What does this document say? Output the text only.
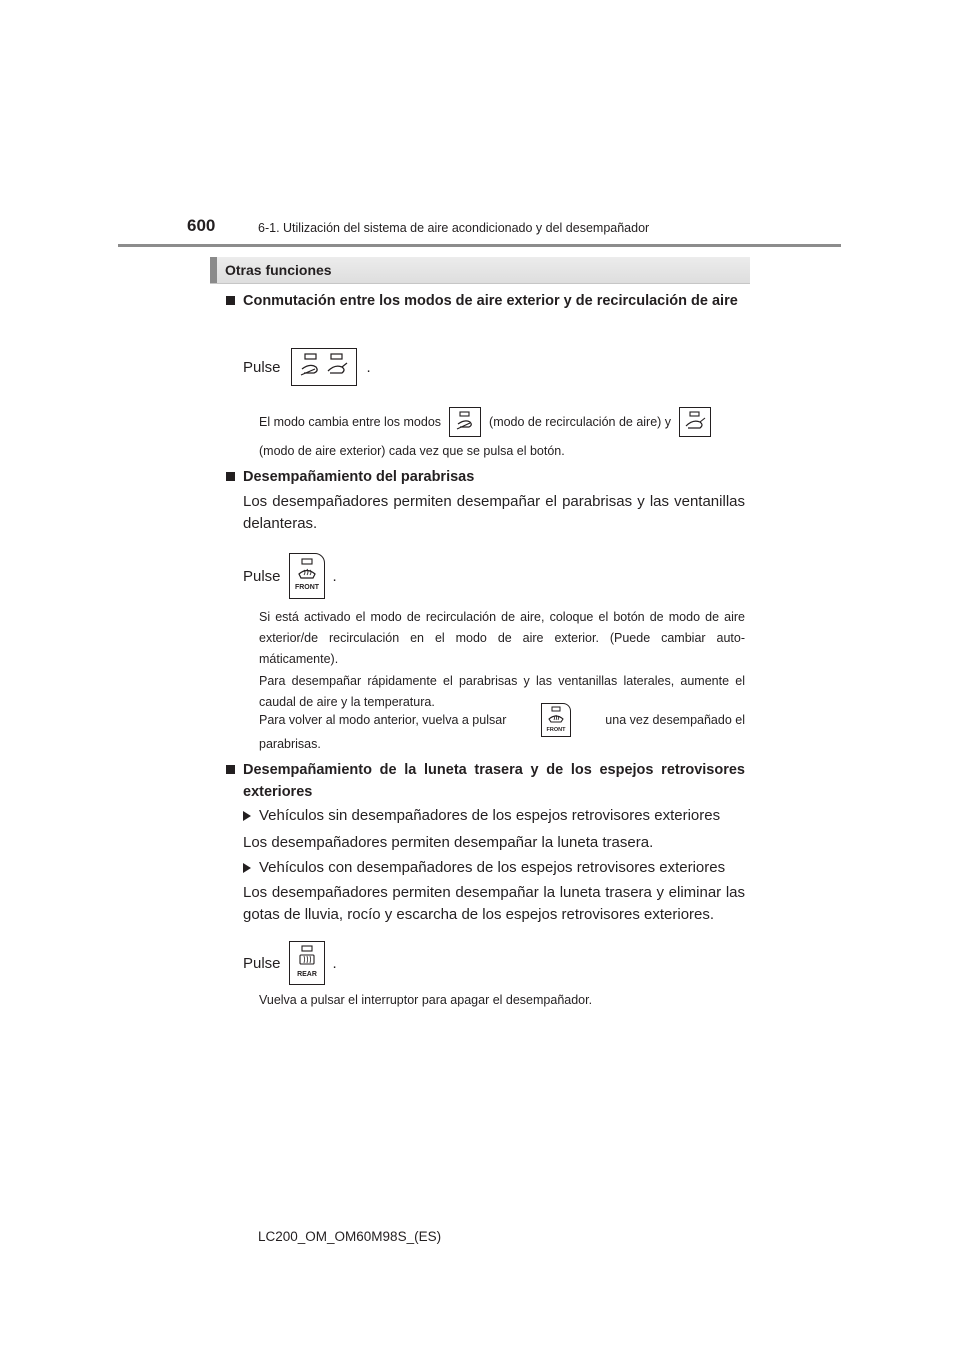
600	6-1. Utilización del sistema de aire acondicionado y del desempañador
Otras funciones
Conmutación entre los modos de aire exterior y de recirculación de aire
Pulse	.
El modo cambia entre los modos	(modo de recirculación de aire) y
(modo de aire exterior) cada vez que se pulsa el botón.
Desempañamiento del parabrisas
Los desempañadores permiten desempañar el parabrisas y las ventanillas delanteras.
Pulse
FRONT
.
Si está activado el modo de recirculación de aire, coloque el botón de modo de aire exterior/de recirculación en el modo de aire exterior. (Puede cambiar auto-máticamente).
Para desempañar rápidamente el parabrisas y las ventanillas laterales, aumente el caudal de aire y la temperatura.
Para volver al modo anterior, vuelva a pulsar
FRONT
una vez desempañado el
parabrisas.
Desempañamiento de la luneta trasera y de los espejos retrovisores exteriores
Vehículos sin desempañadores de los espejos retrovisores exteriores
Los desempañadores permiten desempañar la luneta trasera.
Vehículos con desempañadores de los espejos retrovisores exteriores
Los desempañadores permiten desempañar la luneta trasera y eliminar las gotas de lluvia, rocío y escarcha de los espejos retrovisores exteriores.
Pulse
REAR
.
Vuelva a pulsar el interruptor para apagar el desempañador.
LC200_OM_OM60M98S_(ES)
